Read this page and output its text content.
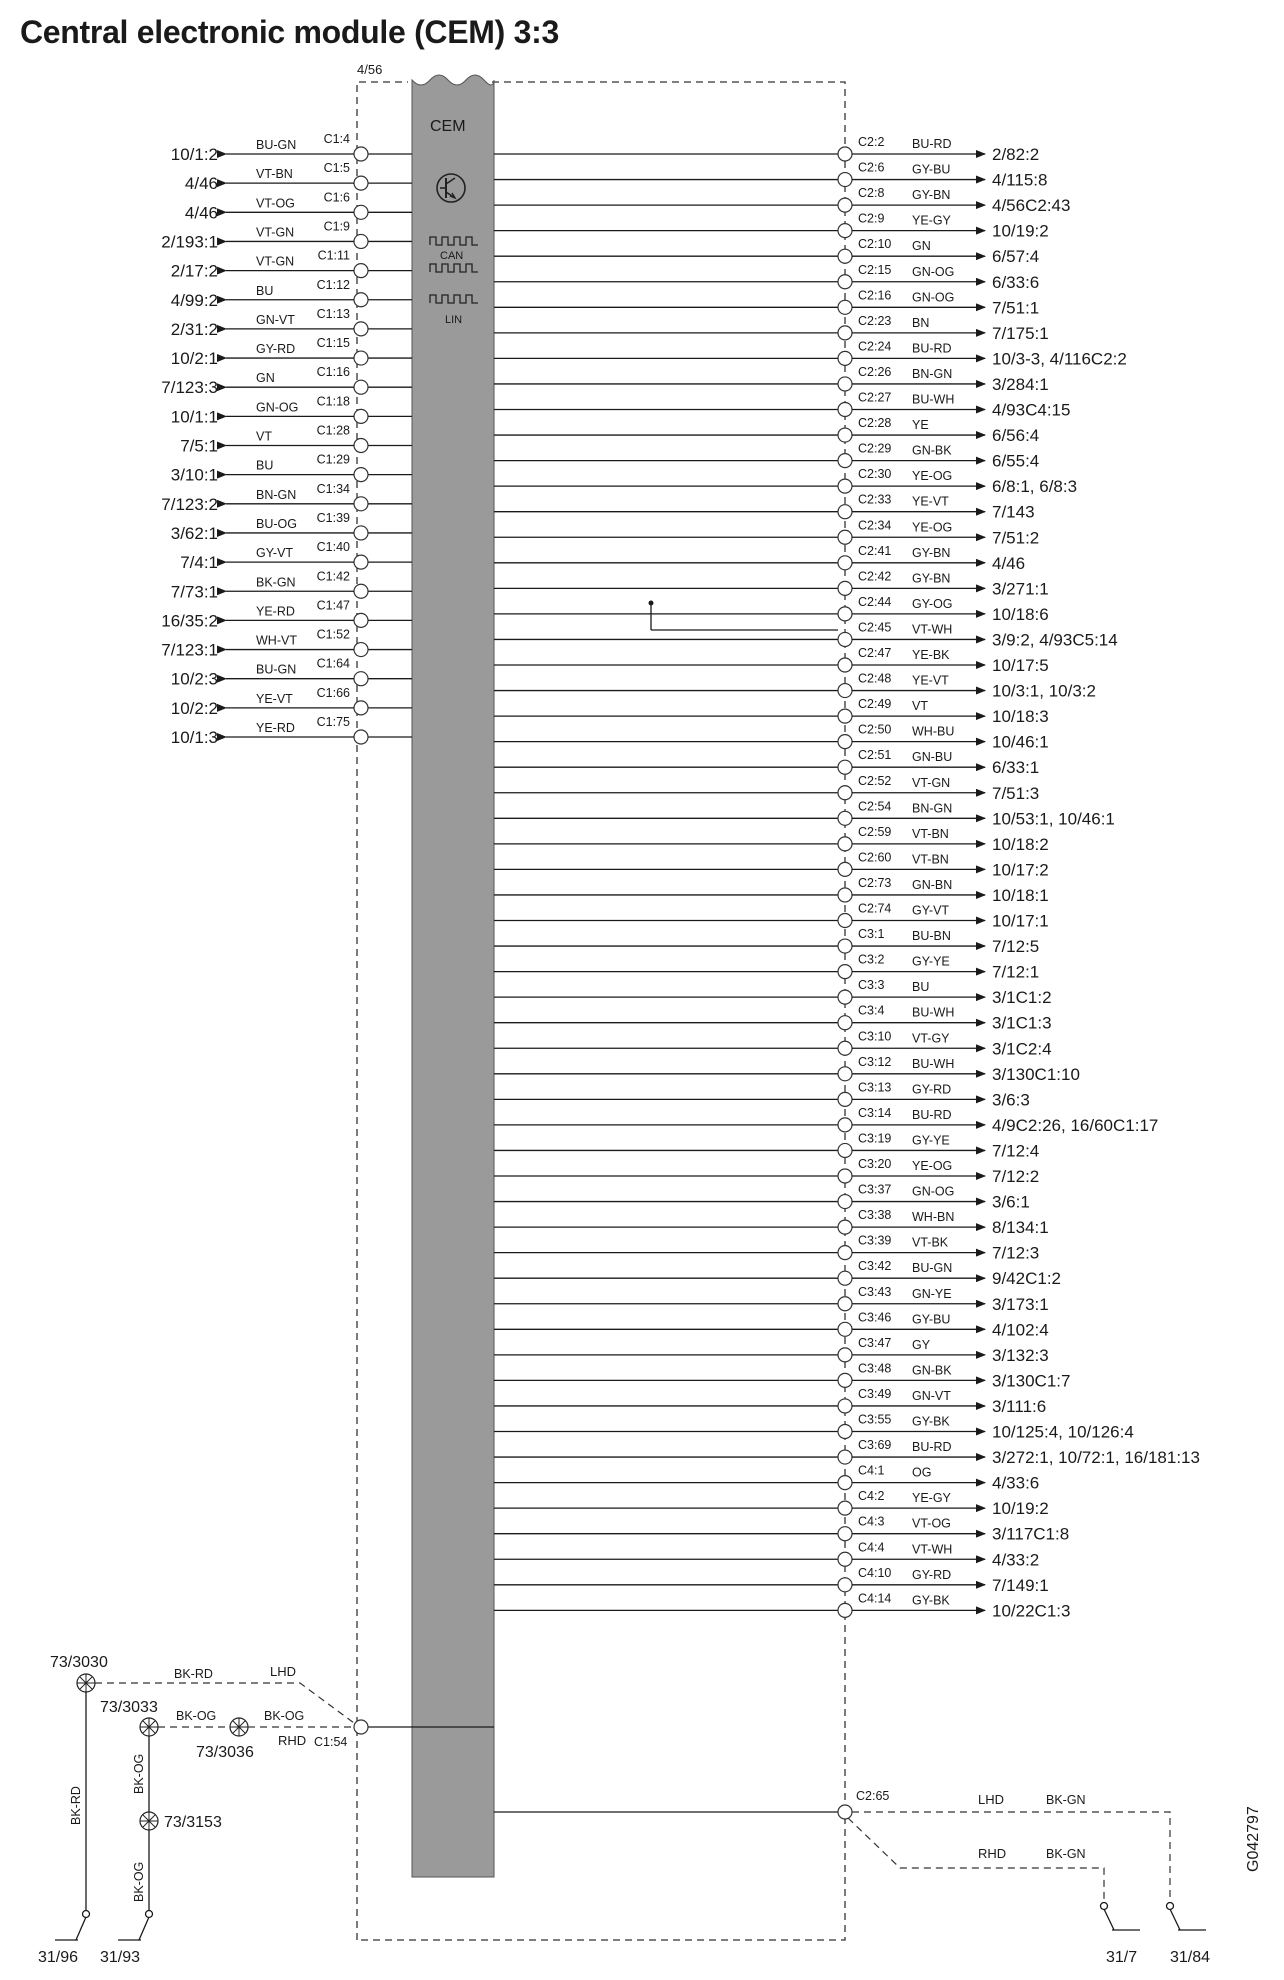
Central electronic module (CEM) 3:3
4/56
CEM
CAN
LIN
C1:4
BU-GN
10/1:2
C1:5
VT-BN
4/46
C1:6
VT-OG
4/46
C1:9
VT-GN
2/193:1
C1:11
VT-GN
2/17:2
C1:12
BU
4/99:2
C1:13
GN-VT
2/31:2
C1:15
GY-RD
10/2:1
C1:16
GN
7/123:3
C1:18
GN-OG
10/1:1
C1:28
VT
7/5:1
C1:29
BU
3/10:1
C1:34
BN-GN
7/123:2
C1:39
BU-OG
3/62:1
C1:40
GY-VT
7/4:1
C1:42
BK-GN
7/73:1
C1:47
YE-RD
16/35:2
C1:52
WH-VT
7/123:1
C1:64
BU-GN
10/2:3
C1:66
YE-VT
10/2:2
C1:75
YE-RD
10/1:3
C2:2 BU-RD
2/82:2
C2:6 GY-BU
4/115:8
C2:8 GY-BN
4/56C2:43
C2:9 YE-GY
10/19:2
C2:10 GN
6/57:4
C2:15 GN-OG
6/33:6
C2:16 GN-OG
7/51:1
C2:23 BN
7/175:1
C2:24 BU-RD
10/3-3, 4/116C2:2
C2:26 BN-GN
3/284:1
C2:27 BU-WH
4/93C4:15
C2:28 YE
6/56:4
C2:29 GN-BK
6/55:4
C2:30 YE-OG
6/8:1, 6/8:3
C2:33 YE-VT
7/143
C2:34 YE-OG
7/51:2
C2:41 GY-BN
4/46
C2:42 GY-BN
3/271:1
C2:44 GY-OG
10/18:6
C2:45 VT-WH
3/9:2, 4/93C5:14
C2:47 YE-BK
10/17:5
C2:48 YE-VT
10/3:1, 10/3:2
C2:49 VT
10/18:3
C2:50 WH-BU
10/46:1
C2:51 GN-BU
6/33:1
C2:52 VT-GN
7/51:3
C2:54 BN-GN
10/53:1, 10/46:1
C2:59 VT-BN
10/18:2
C2:60 VT-BN
10/17:2
C2:73 GN-BN
10/18:1
C2:74 GY-VT
10/17:1
C3:1 BU-BN
7/12:5
C3:2 GY-YE
7/12:1
C3:3 BU
3/1C1:2
C3:4 BU-WH
3/1C1:3
C3:10 VT-GY
3/1C2:4
C3:12 BU-WH
3/130C1:10
C3:13 GY-RD
3/6:3
C3:14 BU-RD
4/9C2:26, 16/60C1:17
C3:19 GY-YE
7/12:4
C3:20 YE-OG
7/12:2
C3:37 GN-OG
3/6:1
C3:38 WH-BN
8/134:1
C3:39 VT-BK
7/12:3
C3:42 BU-GN
9/42C1:2
C3:43 GN-YE
3/173:1
C3:46 GY-BU
4/102:4
C3:47 GY
3/132:3
C3:48 GN-BK
3/130C1:7
C3:49 GN-VT
3/111:6
C3:55 GY-BK
10/125:4, 10/126:4
C3:69 BU-RD
3/272:1, 10/72:1, 16/181:13
C4:1 OG
4/33:6
C4:2 YE-GY
10/19:2
C4:3 VT-OG
3/117C1:8
C4:4 VT-WH
4/33:2
C4:10 GY-RD
7/149:1
C4:14 GY-BK
10/22C1:3
C1:54
73/3030
BK-RD	LHD
BK-RD
73/3033 BK-OG
73/3036
BK-OG
RHD
BK-OG
73/3153
BK-OG
31/96 31/93
C2:65	LHD	BK-GN
RHD	BK-GN
31/7 31/84
G042797
